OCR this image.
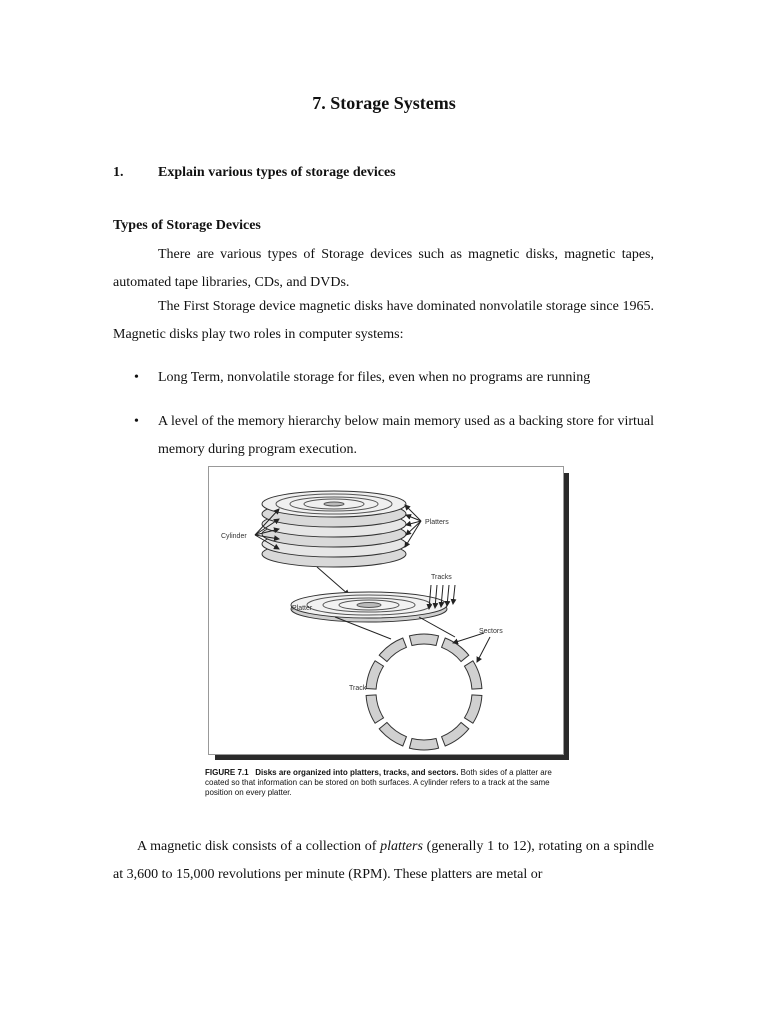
7. Storage Systems
1. Explain various types of storage devices
Types of Storage Devices
There are various types of Storage devices such as magnetic disks, magnetic tapes, automated tape libraries, CDs, and DVDs.
The First Storage device magnetic disks have dominated nonvolatile storage since 1965. Magnetic disks play two roles in computer systems:
• Long Term, nonvolatile storage for files, even when no programs are running
• A level of the memory hierarchy below main memory used as a backing store for virtual memory during program execution.
Cylinder
Platters
Platter
Tracks
Sectors
Track
FIGURE 7.1 Disks are organized into platters, tracks, and sectors. Both sides of a platter are coated so that information can be stored on both surfaces. A cylinder refers to a track at the same position on every platter.
A magnetic disk consists of a collection of platters (generally 1 to 12), rotating on a spindle at 3,600 to 15,000 revolutions per minute (RPM). These platters are metal or
